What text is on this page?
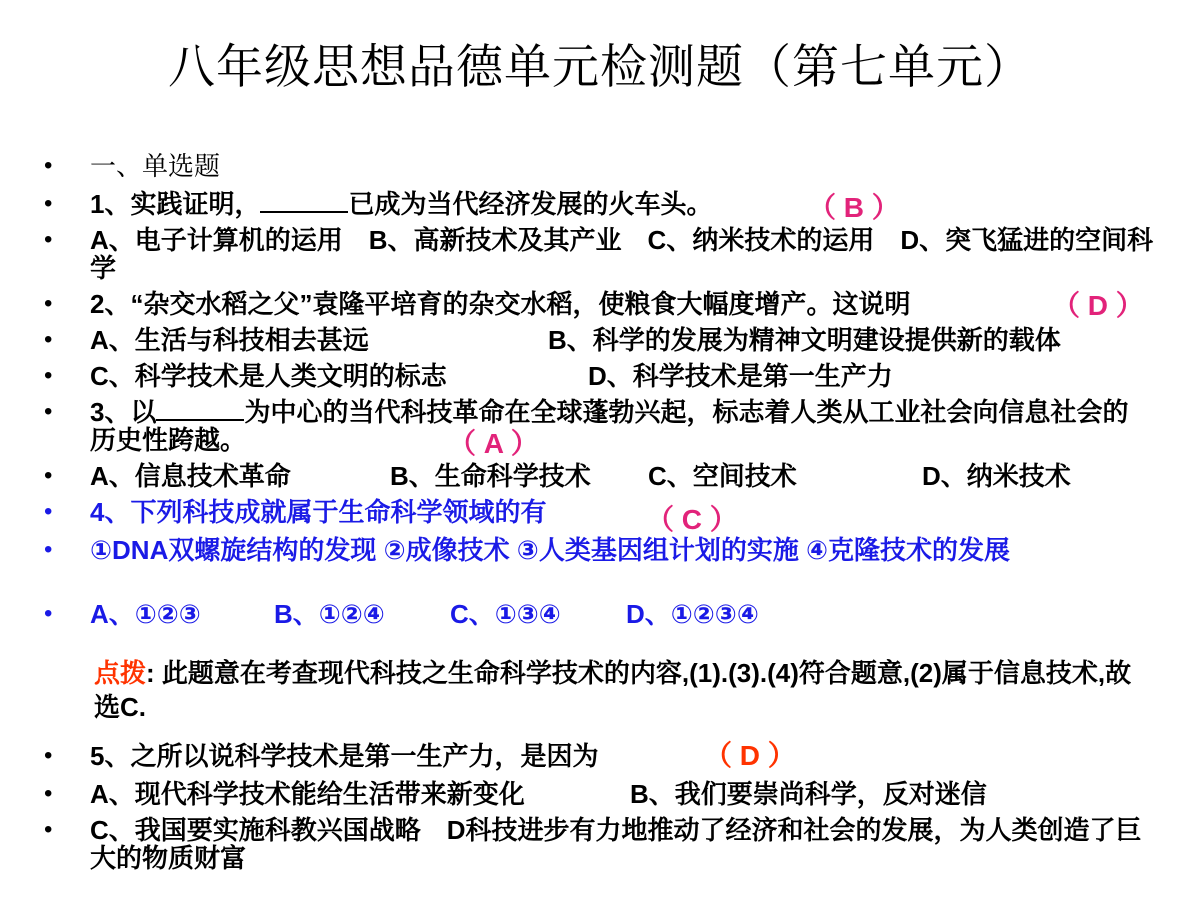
八年级思想品德单元检测题（第七单元）
• 一、单选题
• 1、实践证明，	已成为当代经济发展的火车头。	（ B ）
• A、电子计算机的运用　B、高新技术及其产业　C、纳米技术的运用　D、突飞猛进的空间科学
• 2、“杂交水稻之父”袁隆平培育的杂交水稻，使粮食大幅度增产。这说明	（ D ）
• A、生活与科技相去甚远	B、科学的发展为精神文明建设提供新的载体
• C、科学技术是人类文明的标志	D、科学技术是第一生产力
• 3、以	为中心的当代科技革命在全球蓬勃兴起，标志着人类从工业社会向信息社会的历史性跨越。	（ A ）
• A、信息技术革命	B、生命科学技术	C、空间技术	D、纳米技术
• 4、下列科技成就属于生命科学领域的有	（ C ）
• ①DNA双螺旋结构的发现 ②成像技术 ③人类基因组计划的实施 ④克隆技术的发展
• A、①②③	B、①②④	C、①③④	D、①②③④
点拨: 此题意在考查现代科技之生命科学技术的内容,(1).(3).(4)符合题意,(2)属于信息技术,故选C.
• 5、之所以说科学技术是第一生产力，是因为	（ D ）
• A、现代科学技术能给生活带来新变化	B、我们要崇尚科学，反对迷信
• C、我国要实施科教兴国战略　D科技进步有力地推动了经济和社会的发展，为人类创造了巨大的物质财富
